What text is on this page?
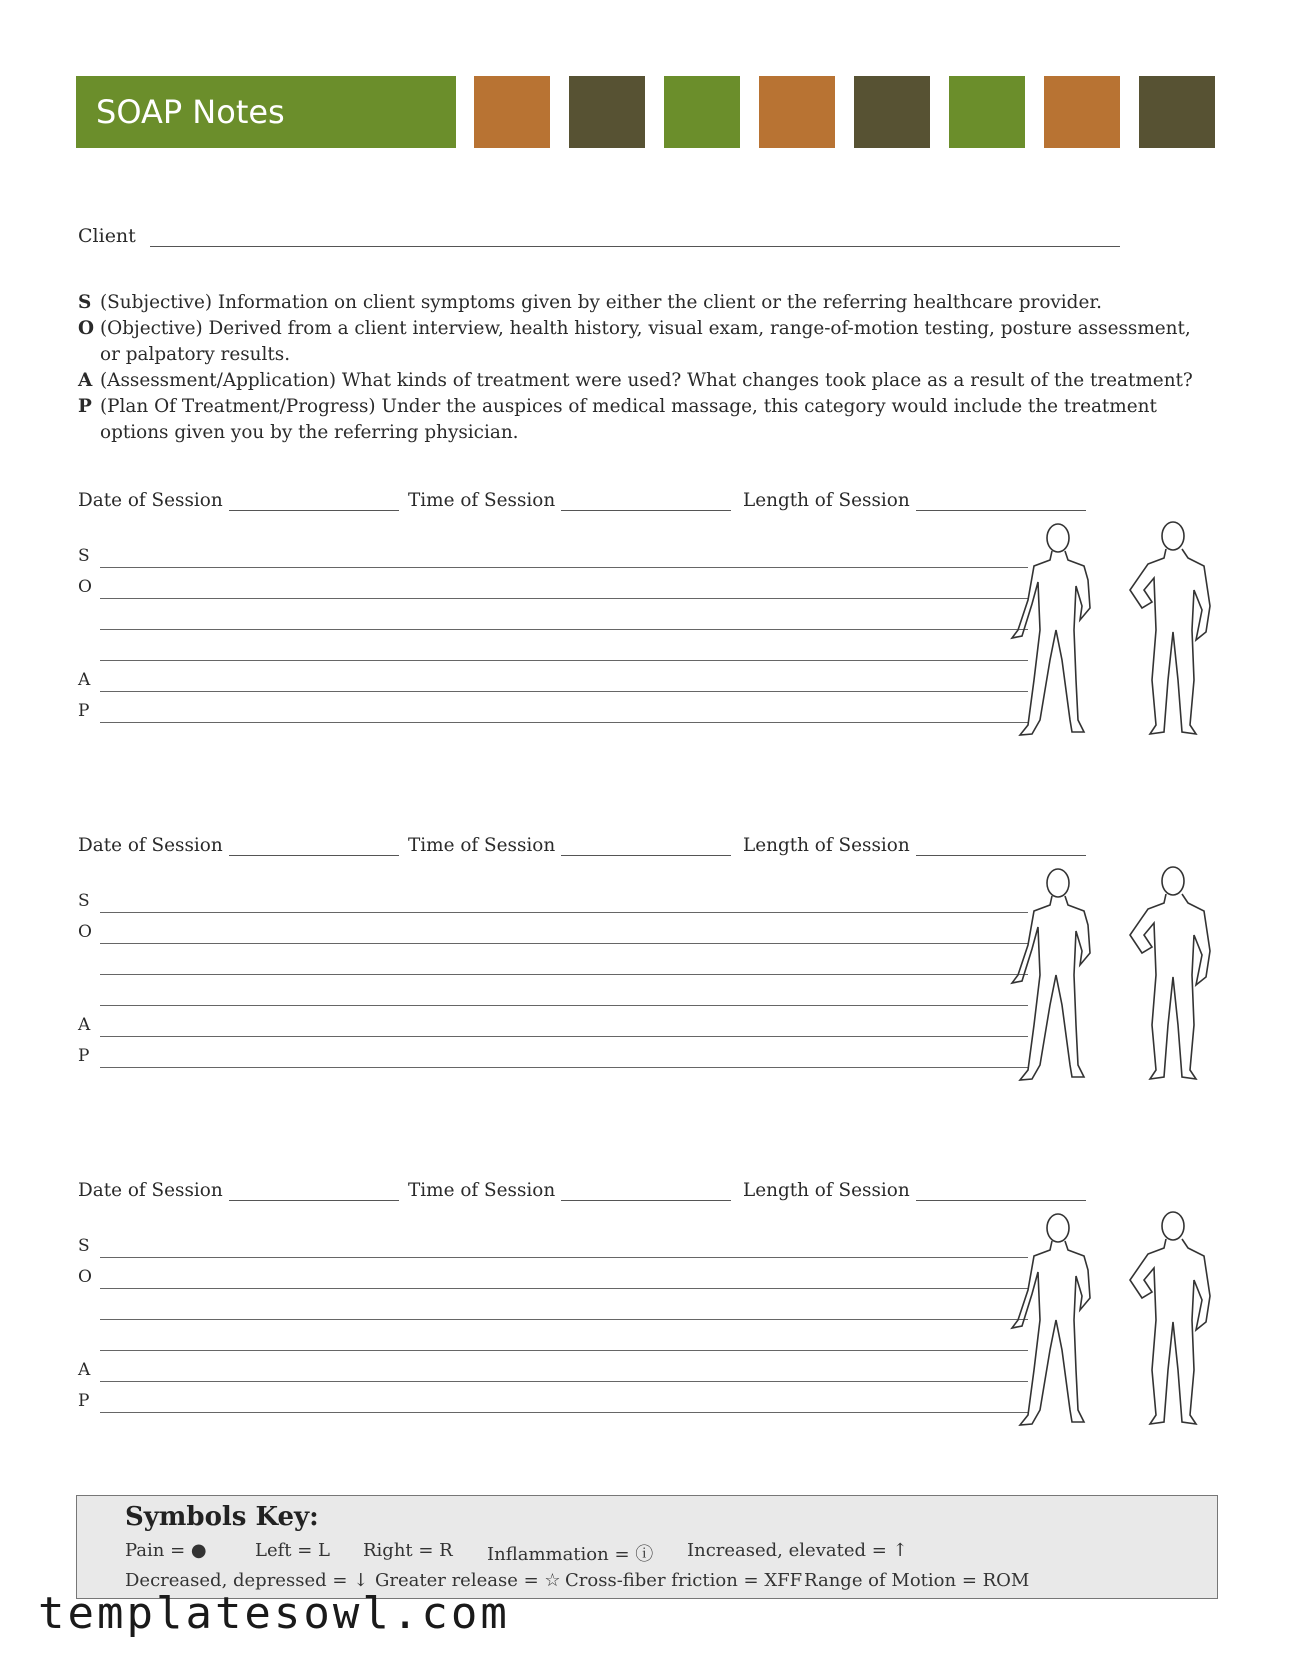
SOAP Notes
Client
S (Subjective) Information on client symptoms given by either the client or the referring healthcare provider.
O (Objective) Derived from a client interview, health history, visual exam, range-of-motion testing, posture assessment, or palpatory results.
A (Assessment/Application) What kinds of treatment were used? What changes took place as a result of the treatment?
P (Plan Of Treatment/Progress) Under the auspices of medical massage, this category would include the treatment options given you by the referring physician.
Date of Session	Time of Session	Length of Session
S
O
A
P
Date of Session	Time of Session	Length of Session
S
O
A
P
Date of Session	Time of Session	Length of Session
S
O
A
P
Symbols Key:
Pain = ●	Left = L Right = R Inflammation = ⓘ Increased, elevated = ↑
Decreased, depressed = ↓ Greater release = ☆ Cross-fiber friction = XFF Range of Motion = ROM
templatesowl.com
